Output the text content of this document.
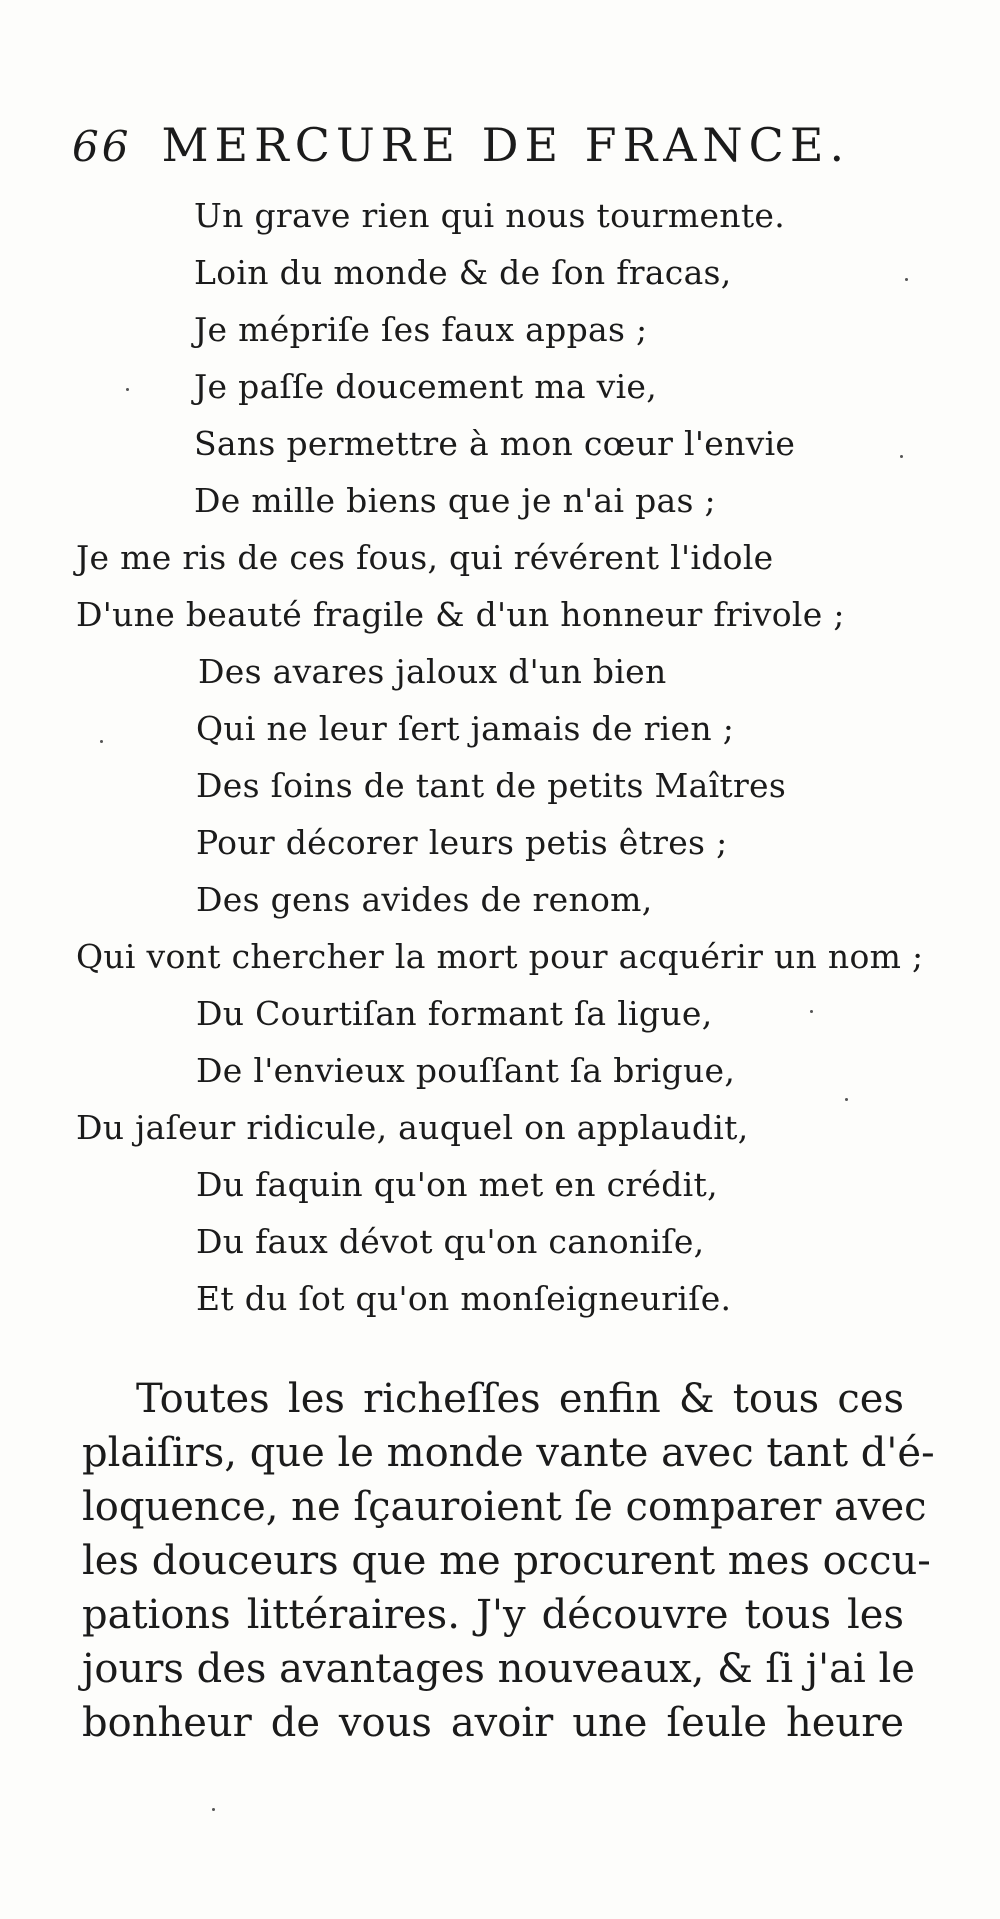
66 MERCURE DE FRANCE.
Un grave rien qui nous tourmente.
Loin du monde & de ſon fracas,
Je mépriſe ſes faux appas ;
Je paſſe doucement ma vie,
Sans permettre à mon cœur l'envie
De mille biens que je n'ai pas ;
Je me ris de ces fous, qui révérent l'idole
D'une beauté fragile & d'un honneur frivole ;
Des avares jaloux d'un bien
Qui ne leur ſert jamais de rien ;
Des ſoins de tant de petits Maîtres
Pour décorer leurs petis êtres ;
Des gens avides de renom,
Qui vont chercher la mort pour acquérir un nom ;
Du Courtiſan formant ſa ligue,
De l'envieux pouſſant ſa brigue,
Du jaſeur ridicule, auquel on applaudit,
Du faquin qu'on met en crédit,
Du faux dévot qu'on canoniſe,
Et du ſot qu'on monſeigneuriſe.
Toutes les richeſſes enfin & tous ces
plaiſirs, que le monde vante avec tant d'é-
loquence, ne ſçauroient ſe comparer avec
les douceurs que me procurent mes occu-
pations littéraires. J'y découvre tous les
jours des avantages nouveaux, & ſi j'ai le
bonheur de vous avoir une ſeule heure
